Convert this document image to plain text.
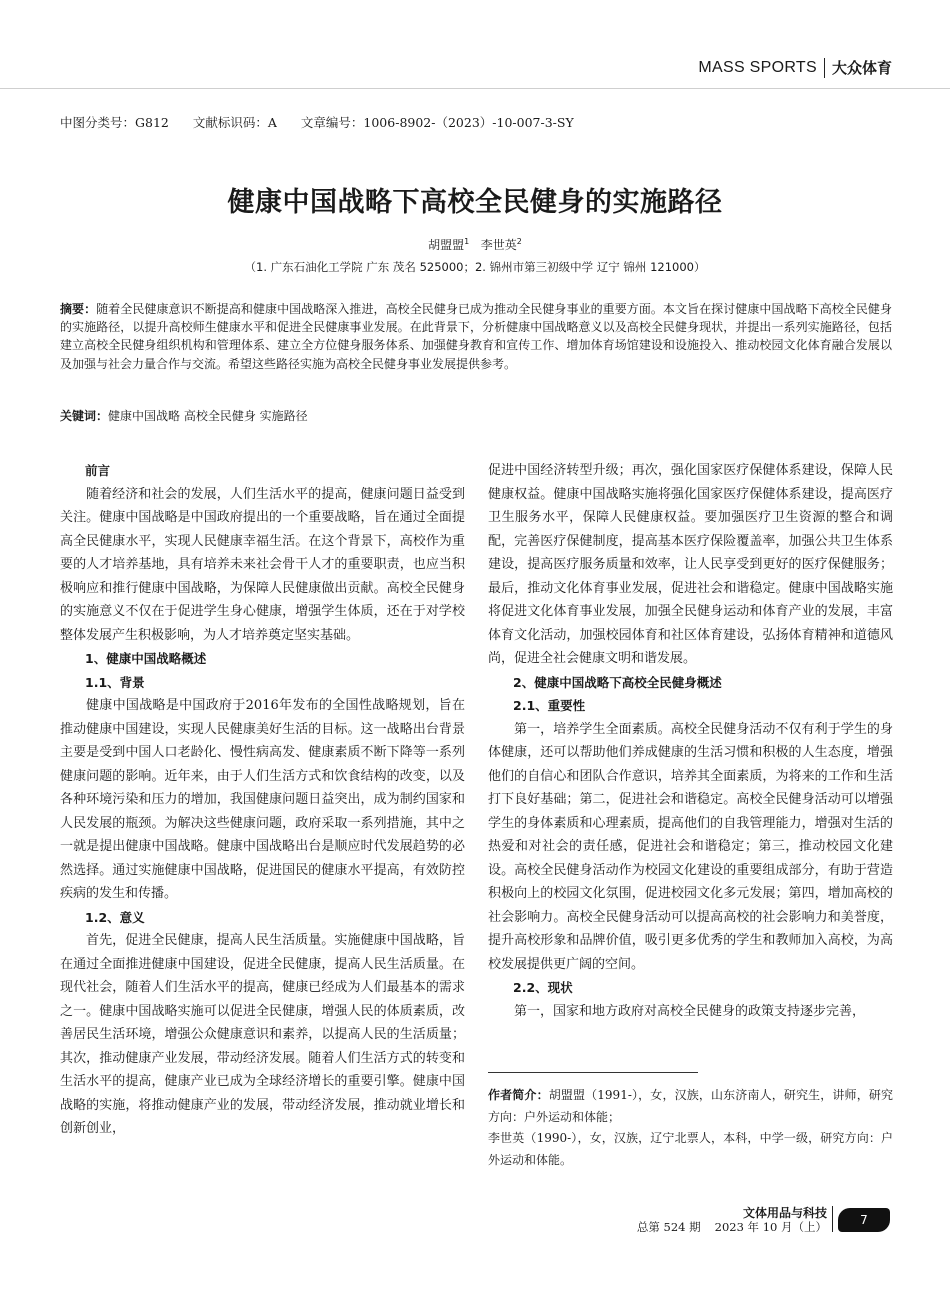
MASS SPORTS 大众体育
中图分类号：G812 文献标识码：A 文章编号：1006-8902-（2023）-10-007-3-SY
健康中国战略下高校全民健身的实施路径
胡盟盟$^1$ 李世英$^2$
（1. 广东石油化工学院 广东 茂名 525000；2. 锦州市第三初级中学 辽宁 锦州 121000）
摘要：随着全民健康意识不断提高和健康中国战略深入推进，高校全民健身已成为推动全民健身事业的重要方面。本文旨在探讨健康中国战略下高校全民健身的实施路径，以提升高校师生健康水平和促进全民健康事业发展。在此背景下，分析健康中国战略意义以及高校全民健身现状，并提出一系列实施路径，包括建立高校全民健身组织机构和管理体系、建立全方位健身服务体系、加强健身教育和宣传工作、增加体育场馆建设和设施投入、推动校园文化体育融合发展以及加强与社会力量合作与交流。希望这些路径实施为高校全民健身事业发展提供参考。
关键词：健康中国战略 高校全民健身 实施路径
前言

随着经济和社会的发展，人们生活水平的提高，健康问题日益受到关注。健康中国战略是中国政府提出的一个重要战略，旨在通过全面提高全民健康水平，实现人民健康幸福生活。在这个背景下，高校作为重要的人才培养基地，具有培养未来社会骨干人才的重要职责，也应当积极响应和推行健康中国战略，为保障人民健康做出贡献。高校全民健身的实施意义不仅在于促进学生身心健康，增强学生体质，还在于对学校整体发展产生积极影响，为人才培养奠定坚实基础。

1、健康中国战略概述
1.1、背景

健康中国战略是中国政府于2016年发布的全国性战略规划，旨在推动健康中国建设，实现人民健康美好生活的目标。这一战略出台背景主要是受到中国人口老龄化、慢性病高发、健康素质不断下降等一系列健康问题的影响。近年来，由于人们生活方式和饮食结构的改变，以及各种环境污染和压力的增加，我国健康问题日益突出，成为制约国家和人民发展的瓶颈。为解决这些健康问题，政府采取一系列措施，其中之一就是提出健康中国战略。健康中国战略出台是顺应时代发展趋势的必然选择。通过实施健康中国战略，促进国民的健康水平提高，有效防控疾病的发生和传播。

1.2、意义

首先，促进全民健康，提高人民生活质量。实施健康中国战略，旨在通过全面推进健康中国建设，促进全民健康，提高人民生活质量。在现代社会，随着人们生活水平的提高，健康已经成为人们最基本的需求之一。健康中国战略实施可以促进全民健康，增强人民的体质素质，改善居民生活环境，增强公众健康意识和素养，以提高人民的生活质量；其次，推动健康产业发展，带动经济发展。随着人们生活方式的转变和生活水平的提高，健康产业已成为全球经济增长的重要引擎。健康中国战略的实施，将推动健康产业的发展，带动经济发展，推动就业增长和创新创业，

促进中国经济转型升级；再次，强化国家医疗保健体系建设，保障人民健康权益。健康中国战略实施将强化国家医疗保健体系建设，提高医疗卫生服务水平，保障人民健康权益。要加强医疗卫生资源的整合和调配，完善医疗保健制度，提高基本医疗保险覆盖率，加强公共卫生体系建设，提高医疗服务质量和效率，让人民享受到更好的医疗保健服务；最后，推动文化体育事业发展，促进社会和谐稳定。健康中国战略实施将促进文化体育事业发展，加强全民健身运动和体育产业的发展，丰富体育文化活动，加强校园体育和社区体育建设，弘扬体育精神和道德风尚，促进全社会健康文明和谐发展。

2、健康中国战略下高校全民健身概述
2.1、重要性

第一，培养学生全面素质。高校全民健身活动不仅有利于学生的身体健康，还可以帮助他们养成健康的生活习惯和积极的人生态度，增强他们的自信心和团队合作意识，培养其全面素质，为将来的工作和生活打下良好基础；第二，促进社会和谐稳定。高校全民健身活动可以增强学生的身体素质和心理素质，提高他们的自我管理能力，增强对生活的热爱和对社会的责任感，促进社会和谐稳定；第三，推动校园文化建设。高校全民健身活动作为校园文化建设的重要组成部分，有助于营造积极向上的校园文化氛围，促进校园文化多元发展；第四，增加高校的社会影响力。高校全民健身活动可以提高高校的社会影响力和美誉度，提升高校形象和品牌价值，吸引更多优秀的学生和教师加入高校，为高校发展提供更广阔的空间。

2.2、现状

第一，国家和地方政府对高校全民健身的政策支持逐步完善，

作者简介：胡盟盟（1991-），女，汉族，山东济南人，研究生，讲师，研究方向：户外运动和体能；

李世英（1990-），女，汉族，辽宁北票人，本科，中学一级，研究方向：户外运动和体能。

文体用品与科技
总第 524 期 2023 年 10 月（上）	7
